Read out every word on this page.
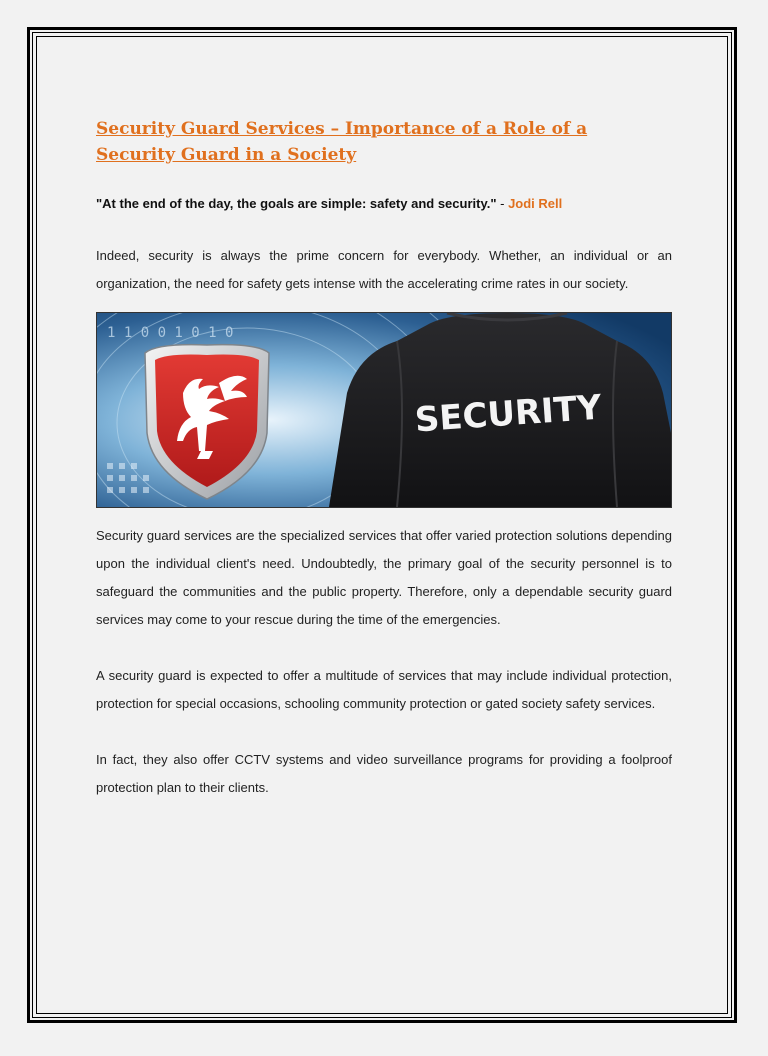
Security Guard Services – Importance of a Role of a Security Guard in a Society
"At the end of the day, the goals are simple: safety and security." - Jodi Rell

Indeed, security is always the prime concern for everybody. Whether, an individual or an organization, the need for safety gets intense with the accelerating crime rates in our society.

1 1 0 0 1 0 1 0
SECURITY

Security guard services are the specialized services that offer varied protection solutions depending upon the individual client's need. Undoubtedly, the primary goal of the security personnel is to safeguard the communities and the public property. Therefore, only a dependable security guard services may come to your rescue during the time of the emergencies.

A security guard is expected to offer a multitude of services that may include individual protection, protection for special occasions, schooling community protection or gated society safety services.

In fact, they also offer CCTV systems and video surveillance programs for providing a foolproof protection plan to their clients.
